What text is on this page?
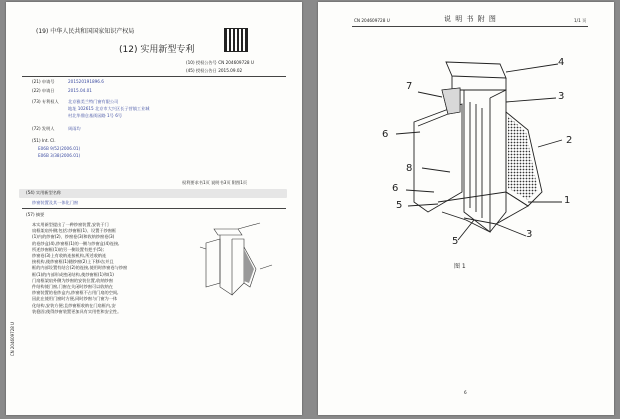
(19) 中华人民共和国国家知识产权局
(12) 实用新型专利
(10) 授权公告号 CN 204609728 U
(45) 授权公告日 2015.09.02
(21) 申请号	201520191896.6
(22) 申请日	2015.04.01
(73) 专利权人 北京雅美兰特门窗有限公司
地址 102615 北京市大兴区长子营镇工业城
村北华鼎仓基街园路 1号 6号
(72) 发明人	周雨均
(51) Int. Cl.
E06B 9/52(2006.01)
E06B 3/38(2006.01)
权利要求书1页 说明书3页 附图1页
(54) 实用新型名称
纱窗装置及其一体化门窗
(57) 摘要
本实用新型提出了一种纱窗装置,安装于门
扇框架扇外侧;包括:纱窗框(1)、设置于纱窗框
(1)内的纱窗(2)、纱窗卷(3)和收纳纱窗卷(3)
的卷纱盒(4),纱窗框(1)的一侧与纱窗盒(4)连接,
所述纱窗框(1)的另一侧设置有把手(5);
纱窗卷(3)上有收纳连接机构,所述收纳连
接机构,使纱窗框(1)随纱窗(2)上下移动;并且
框的内部设置有结合(2)的连接,使用时纱窗卷与纱窗
框(1)的内部形成密闭结构,使纱窗框(1)和(1)
门扇框架扇外侧为纱窗的安装位置,收纳纱窗
件结构使门窗,门窗在关闭时纱窗可以收纳在
纱窗装置的卷纱盒内,纱窗框不占用门扇的空间,
因此在使用门窗时方便,同时纱窗与门窗为一体
化结构,安装方便;且纱窗框收纳在门扇框内,安
装稳固;使得纱窗装置更加具有实用性和安全性。
CN 204609728 U
CN 204609728 U	说 明 书 附 图	1/1 页
4
7
3
6
2
8
6
5	1
5
3
图 1
6
